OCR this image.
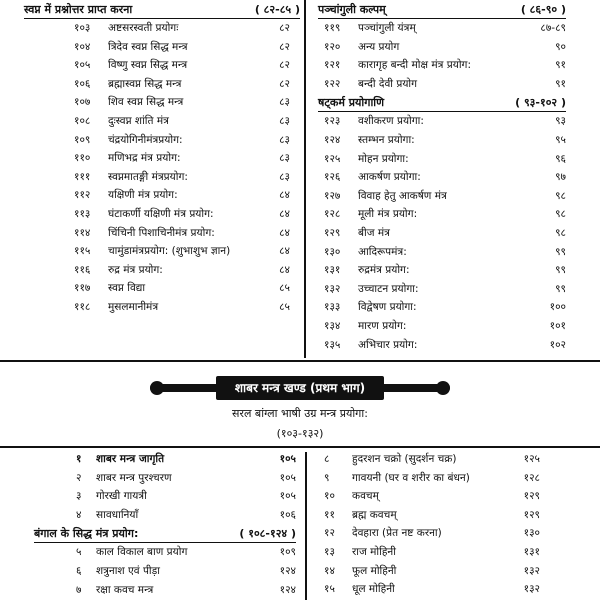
स्वप्न में प्रश्नोत्तर प्राप्त करना	( ८२-८५ )
१०३ अष्टसरस्वती प्रयोगः	८२
१०४ त्रिदेव स्वप्न सिद्ध मन्त्र	८२
१०५ विष्णु स्वप्न सिद्ध मन्त्र	८२
१०६ ब्रह्मास्वप्न सिद्ध मन्त्र	८२
१०७ शिव स्वप्न सिद्ध मन्त्र	८३
१०८ दुःस्वप्न शांति मंत्र	८३
१०९ चंद्रयोगिनीमंत्रप्रयोग:	८३
११० मणिभद्र मंत्र प्रयोग:	८३
१११ स्वप्नमातङ्गी मंत्रप्रयोग:	८३
११२ यक्षिणी मंत्र प्रयोग:	८४
११३ घंटाकर्णी यक्षिणी मंत्र प्रयोग:	८४
११४ चिंचिनी पिशाचिनीमंत्र प्रयोग:	८४
११५ चामुंडामंत्रप्रयोग: (शुभाशुभ ज्ञान)	८४
११६ रुद्र मंत्र प्रयोग:	८४
११७ स्वप्न विद्या	८५
११८ मुसलमानीमंत्र	८५
पञ्चांगुली कल्पम्	( ८६-९० )
११९ पञ्चांगुली यंत्रम्	८७-८९
१२० अन्य प्रयोग	९०
१२१ कारागृह बन्दी मोक्ष मंत्र प्रयोग:	९१
१२२ बन्दी देवी प्रयोग	९१
षट्कर्म प्रयोगाणि	( ९३-१०२ )
१२३ वशीकरण प्रयोगा:	९३
१२४ स्तम्भन प्रयोगा:	९५
१२५ मोहन प्रयोगा:	९६
१२६ आकर्षण प्रयोगा:	९७
१२७ विवाह हेतु आकर्षण मंत्र	९८
१२८ मूली मंत्र प्रयोग:	९८
१२९ बीज मंत्र	९८
१३० आदिरूपमंत्र:	९९
१३१ रुद्रमंत्र प्रयोग:	९९
१३२ उच्चाटन प्रयोगा:	९९
१३३ विद्वेषण प्रयोगा:	१००
१३४ मारण प्रयोग:	१०१
१३५ अभिचार प्रयोग:	१०२
शाबर मन्त्र खण्ड (प्रथम भाग)
सरल बांग्ला भाषी उग्र मन्त्र प्रयोगा:
(१०३-१३२)
१ शाबर मन्त्र जागृति	१०५
२ शाबर मन्त्र पुरश्चरण	१०५
३ गोरखी गायत्री	१०५
४ सावधानियाँ	१०६
बंगाल के सिद्ध मंत्र प्रयोग:	( १०८-१२४ )
५ काल विकाल बाण प्रयोग	१०९
६ शत्रुनाश एवं पीड़ा	१२४
७ रक्षा कवच मन्त्र	१२४
८ हुदरशन चक्रो (सुदर्शन चक्र)	१२५
९ गावयनी (घर व शरीर का बंधन)	१२८
१० कवचम्	१२९
११ ब्रह्म कवचम्	१२९
१२ देवहारा (प्रेत नष्ट करना)	१३०
१३ राज मोहिनी	१३१
१४ फूल मोहिनी	१३२
१५ धूल मोहिनी	१३२
